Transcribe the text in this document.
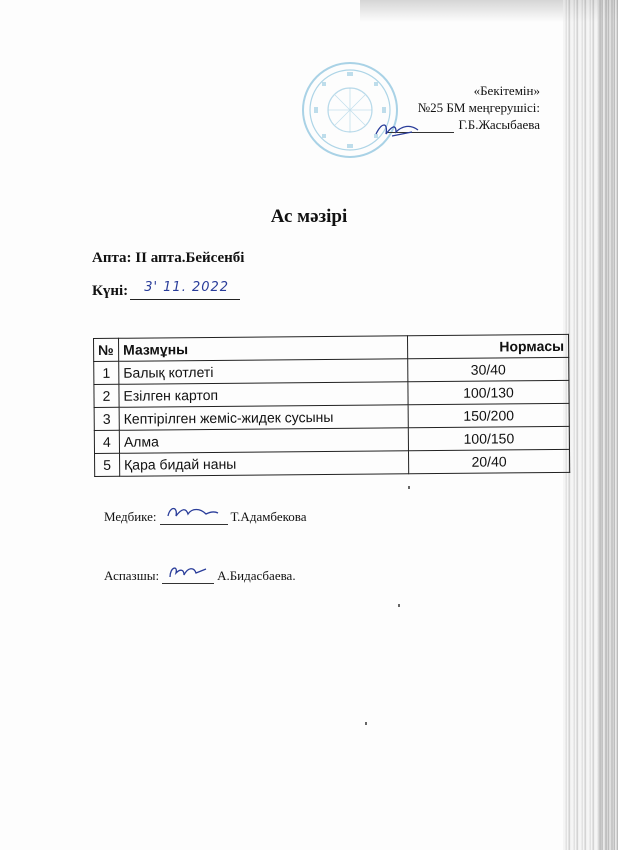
«Бекітемін»
№25 БМ меңгерушісі:
Г.Б.Жасыбаева
Ас мәзірі
Апта: II апта.Бейсенбі
Күні: 3' 11. 2022
№	Мазмұны	Нормасы
1	Балық котлеті	30/40
2	Езілген картоп	100/130
3	Кептірілген жеміс-жидек сусыны	150/200
4	Алма	100/150
5	Қара бидай наны	20/40
Медбике:	Т.Адамбекова
Аспазшы:	А.Бидасбаева.
